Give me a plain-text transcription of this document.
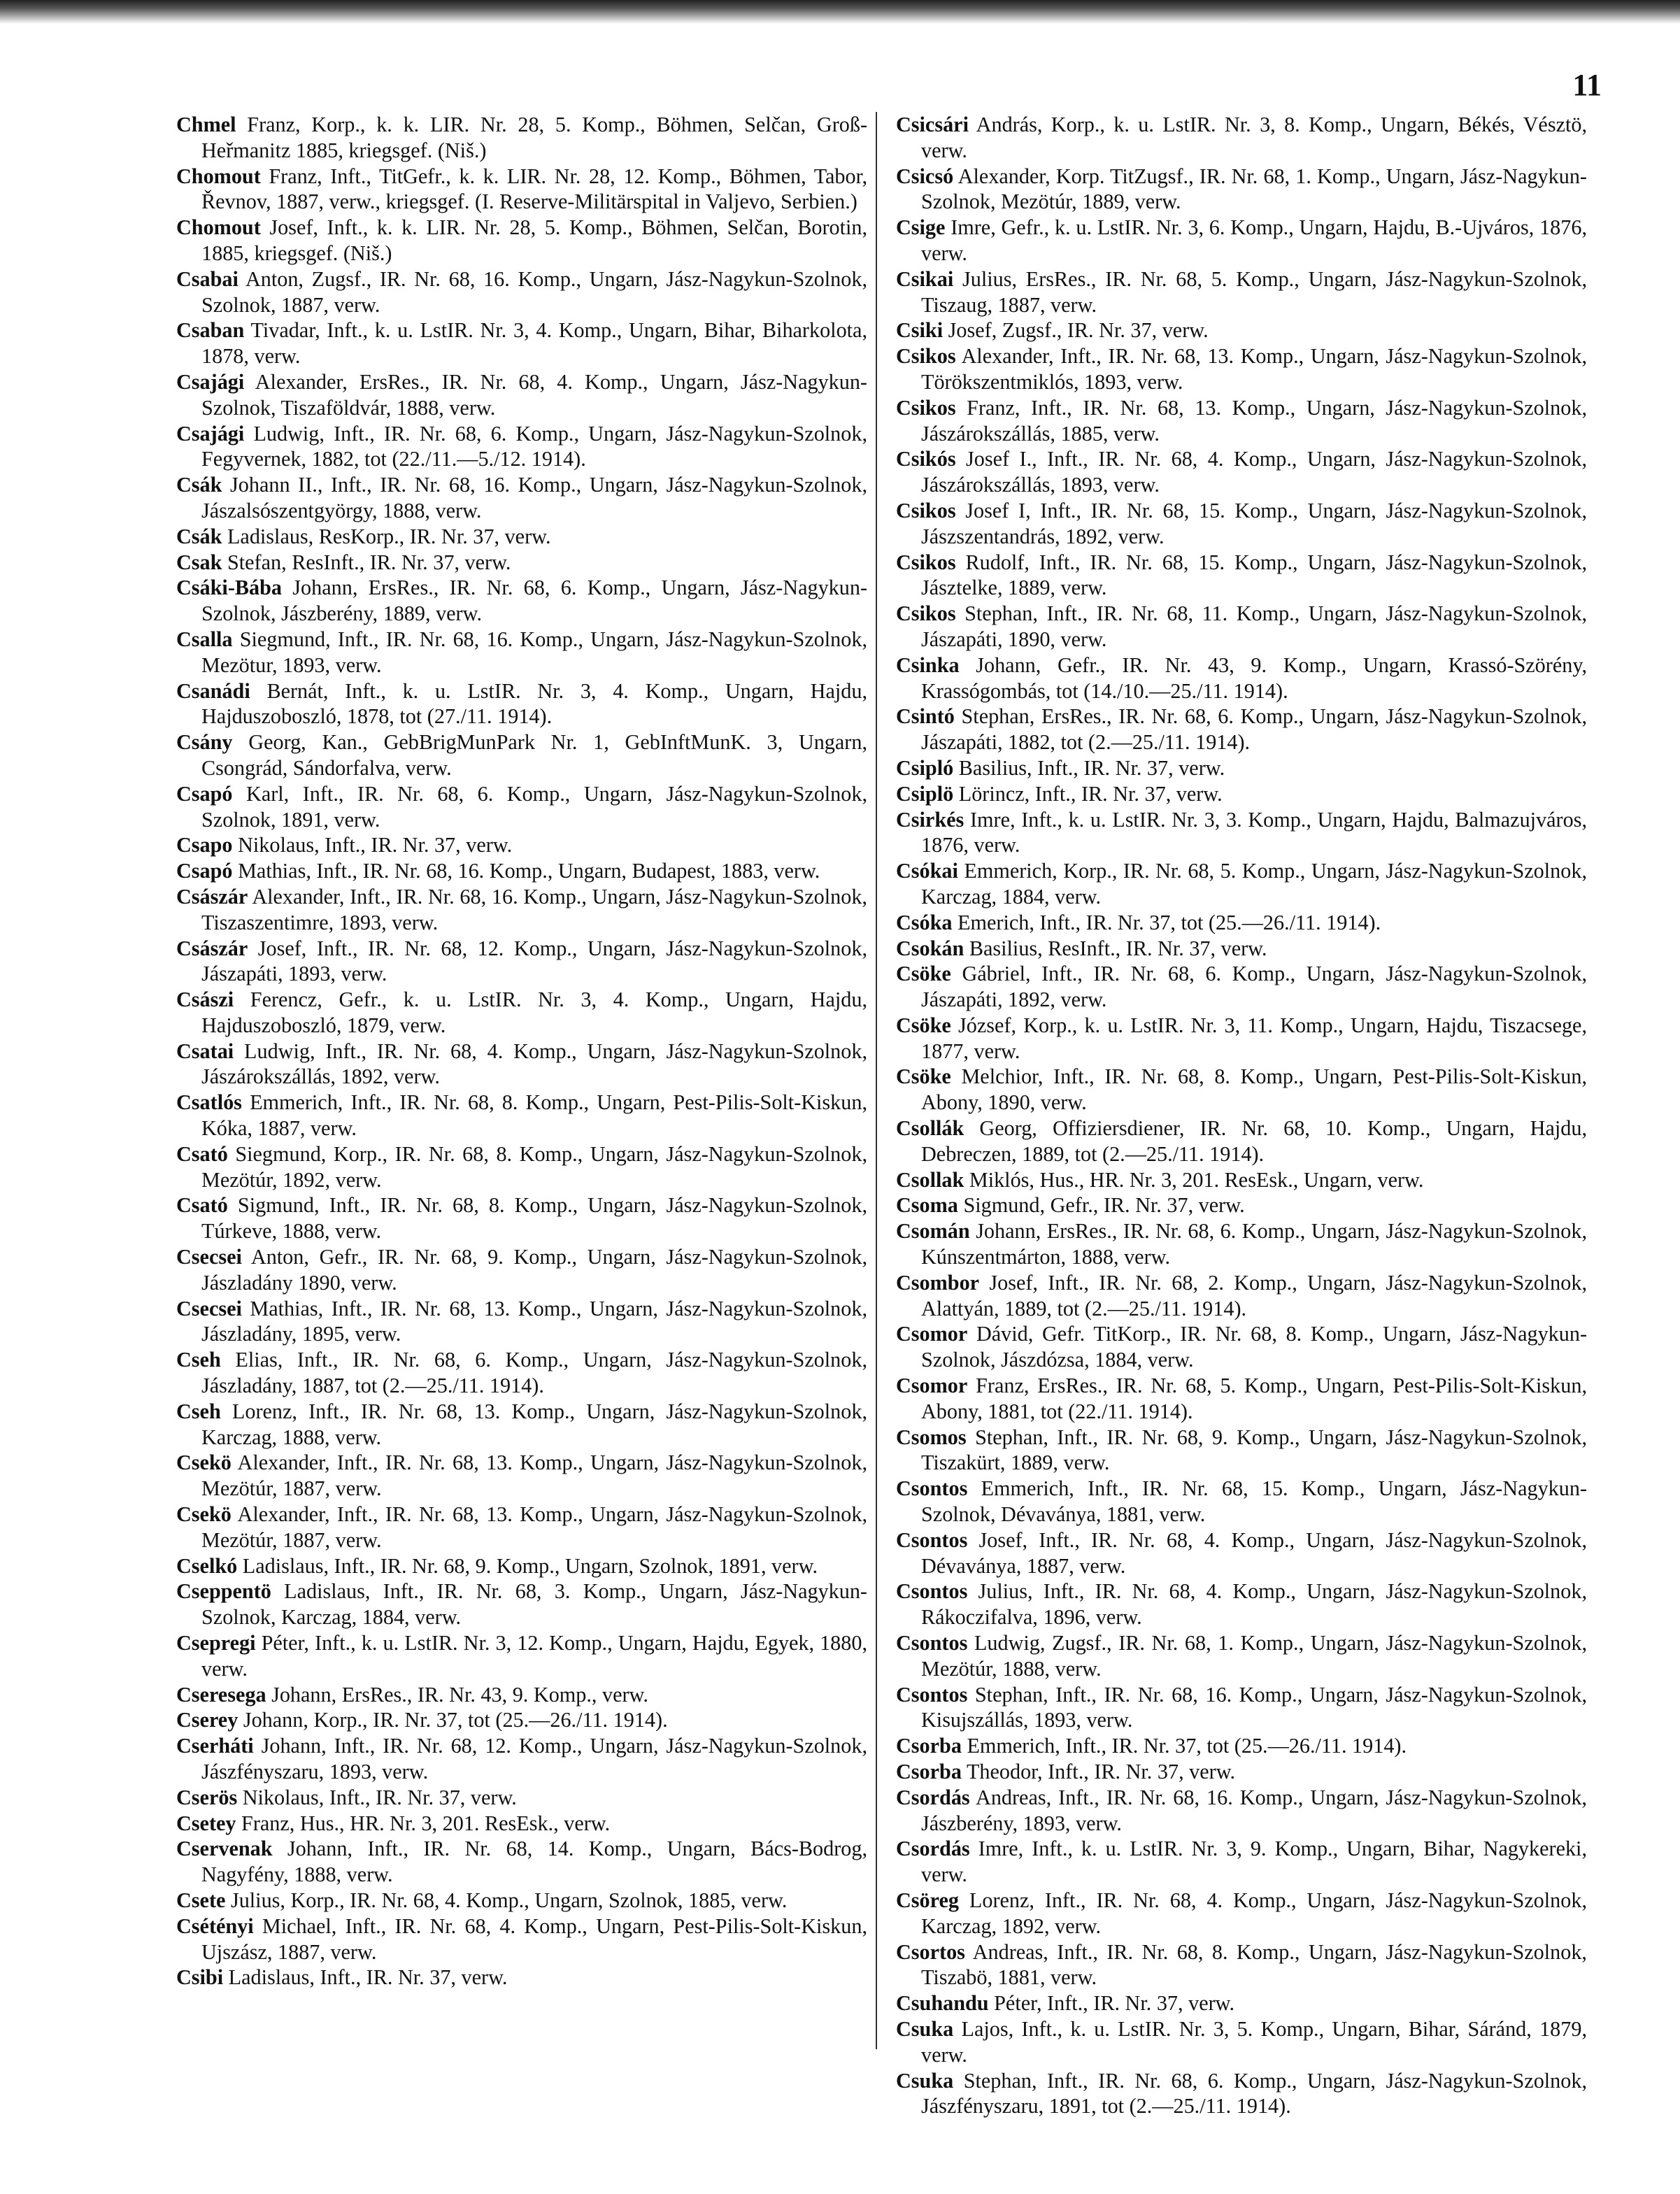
11

Chmel Franz, Korp., k. k. LIR. Nr. 28, 5. Komp., Böhmen, Selčan, Groß-Heřmanitz 1885, kriegsgef. (Niš.)

Chomout Franz, Inft., TitGefr., k. k. LIR. Nr. 28, 12. Komp., Böhmen, Tabor, Řevnov, 1887, verw., kriegsgef. (I. Reserve-Militärspital in Valjevo, Serbien.)

Chomout Josef, Inft., k. k. LIR. Nr. 28, 5. Komp., Böhmen, Selčan, Borotin, 1885, kriegsgef. (Niš.)

Csabai Anton, Zugsf., IR. Nr. 68, 16. Komp., Ungarn, Jász-Nagykun-Szolnok, Szolnok, 1887, verw.

Csaban Tivadar, Inft., k. u. LstIR. Nr. 3, 4. Komp., Ungarn, Bihar, Biharkolota, 1878, verw.

Csajági Alexander, ErsRes., IR. Nr. 68, 4. Komp., Ungarn, Jász-Nagykun-Szolnok, Tiszaföldvár, 1888, verw.

Csajági Ludwig, Inft., IR. Nr. 68, 6. Komp., Ungarn, Jász-Nagykun-Szolnok, Fegyvernek, 1882, tot (22./11.—5./12. 1914).

Csák Johann II., Inft., IR. Nr. 68, 16. Komp., Ungarn, Jász-Nagykun-Szolnok, Jászalsószentgyörgy, 1888, verw.

Csák Ladislaus, ResKorp., IR. Nr. 37, verw.

Csak Stefan, ResInft., IR. Nr. 37, verw.

Csáki-Bába Johann, ErsRes., IR. Nr. 68, 6. Komp., Ungarn, Jász-Nagykun-Szolnok, Jászberény, 1889, verw.

Csalla Siegmund, Inft., IR. Nr. 68, 16. Komp., Ungarn, Jász-Nagykun-Szolnok, Mezötur, 1893, verw.

Csanádi Bernát, Inft., k. u. LstIR. Nr. 3, 4. Komp., Ungarn, Hajdu, Hajduszoboszló, 1878, tot (27./11. 1914).

Csány Georg, Kan., GebBrigMunPark Nr. 1, GebInftMunK. 3, Ungarn, Csongrád, Sándorfalva, verw.

Csapó Karl, Inft., IR. Nr. 68, 6. Komp., Ungarn, Jász-Nagykun-Szolnok, Szolnok, 1891, verw.

Csapo Nikolaus, Inft., IR. Nr. 37, verw.

Csapó Mathias, Inft., IR. Nr. 68, 16. Komp., Ungarn, Budapest, 1883, verw.

Császár Alexander, Inft., IR. Nr. 68, 16. Komp., Ungarn, Jász-Nagykun-Szolnok, Tiszaszentimre, 1893, verw.

Császár Josef, Inft., IR. Nr. 68, 12. Komp., Ungarn, Jász-Nagykun-Szolnok, Jászapáti, 1893, verw.

Császi Ferencz, Gefr., k. u. LstIR. Nr. 3, 4. Komp., Ungarn, Hajdu, Hajduszoboszló, 1879, verw.

Csatai Ludwig, Inft., IR. Nr. 68, 4. Komp., Ungarn, Jász-Nagykun-Szolnok, Jászárokszállás, 1892, verw.

Csatlós Emmerich, Inft., IR. Nr. 68, 8. Komp., Ungarn, Pest-Pilis-Solt-Kiskun, Kóka, 1887, verw.

Csató Siegmund, Korp., IR. Nr. 68, 8. Komp., Ungarn, Jász-Nagykun-Szolnok, Mezötúr, 1892, verw.

Csató Sigmund, Inft., IR. Nr. 68, 8. Komp., Ungarn, Jász-Nagykun-Szolnok, Túrkeve, 1888, verw.

Csecsei Anton, Gefr., IR. Nr. 68, 9. Komp., Ungarn, Jász-Nagykun-Szolnok, Jászladány 1890, verw.

Csecsei Mathias, Inft., IR. Nr. 68, 13. Komp., Ungarn, Jász-Nagykun-Szolnok, Jászladány, 1895, verw.

Cseh Elias, Inft., IR. Nr. 68, 6. Komp., Ungarn, Jász-Nagykun-Szolnok, Jászladány, 1887, tot (2.—25./11. 1914).

Cseh Lorenz, Inft., IR. Nr. 68, 13. Komp., Ungarn, Jász-Nagykun-Szolnok, Karczag, 1888, verw.

Csekö Alexander, Inft., IR. Nr. 68, 13. Komp., Ungarn, Jász-Nagykun-Szolnok, Mezötúr, 1887, verw.

Csekö Alexander, Inft., IR. Nr. 68, 13. Komp., Ungarn, Jász-Nagykun-Szolnok, Mezötúr, 1887, verw.

Cselkó Ladislaus, Inft., IR. Nr. 68, 9. Komp., Ungarn, Szolnok, 1891, verw.

Cseppentö Ladislaus, Inft., IR. Nr. 68, 3. Komp., Ungarn, Jász-Nagykun-Szolnok, Karczag, 1884, verw.

Csepregi Péter, Inft., k. u. LstIR. Nr. 3, 12. Komp., Ungarn, Hajdu, Egyek, 1880, verw.

Cseresega Johann, ErsRes., IR. Nr. 43, 9. Komp., verw.

Cserey Johann, Korp., IR. Nr. 37, tot (25.—26./11. 1914).

Cserháti Johann, Inft., IR. Nr. 68, 12. Komp., Ungarn, Jász-Nagykun-Szolnok, Jászfényszaru, 1893, verw.

Cserös Nikolaus, Inft., IR. Nr. 37, verw.

Csetey Franz, Hus., HR. Nr. 3, 201. ResEsk., verw.

Cservenak Johann, Inft., IR. Nr. 68, 14. Komp., Ungarn, Bács-Bodrog, Nagyfény, 1888, verw.

Csete Julius, Korp., IR. Nr. 68, 4. Komp., Ungarn, Szolnok, 1885, verw.

Csétényi Michael, Inft., IR. Nr. 68, 4. Komp., Ungarn, Pest-Pilis-Solt-Kiskun, Ujszász, 1887, verw.

Csibi Ladislaus, Inft., IR. Nr. 37, verw.

Csicsári András, Korp., k. u. LstIR. Nr. 3, 8. Komp., Ungarn, Békés, Vésztö, verw.

Csicsó Alexander, Korp. TitZugsf., IR. Nr. 68, 1. Komp., Ungarn, Jász-Nagykun-Szolnok, Mezötúr, 1889, verw.

Csige Imre, Gefr., k. u. LstIR. Nr. 3, 6. Komp., Ungarn, Hajdu, B.-Ujváros, 1876, verw.

Csikai Julius, ErsRes., IR. Nr. 68, 5. Komp., Ungarn, Jász-Nagykun-Szolnok, Tiszaug, 1887, verw.

Csiki Josef, Zugsf., IR. Nr. 37, verw.

Csikos Alexander, Inft., IR. Nr. 68, 13. Komp., Ungarn, Jász-Nagykun-Szolnok, Törökszentmiklós, 1893, verw.

Csikos Franz, Inft., IR. Nr. 68, 13. Komp., Ungarn, Jász-Nagykun-Szolnok, Jászárokszállás, 1885, verw.

Csikós Josef I., Inft., IR. Nr. 68, 4. Komp., Ungarn, Jász-Nagykun-Szolnok, Jászárokszállás, 1893, verw.

Csikos Josef I, Inft., IR. Nr. 68, 15. Komp., Ungarn, Jász-Nagykun-Szolnok, Jászszentandrás, 1892, verw.

Csikos Rudolf, Inft., IR. Nr. 68, 15. Komp., Ungarn, Jász-Nagykun-Szolnok, Jásztelke, 1889, verw.

Csikos Stephan, Inft., IR. Nr. 68, 11. Komp., Ungarn, Jász-Nagykun-Szolnok, Jászapáti, 1890, verw.

Csinka Johann, Gefr., IR. Nr. 43, 9. Komp., Ungarn, Krassó-Szörény, Krassógombás, tot (14./10.—25./11. 1914).

Csintó Stephan, ErsRes., IR. Nr. 68, 6. Komp., Ungarn, Jász-Nagykun-Szolnok, Jászapáti, 1882, tot (2.—25./11. 1914).

Csipló Basilius, Inft., IR. Nr. 37, verw.

Csiplö Lörincz, Inft., IR. Nr. 37, verw.

Csirkés Imre, Inft., k. u. LstIR. Nr. 3, 3. Komp., Ungarn, Hajdu, Balmazujváros, 1876, verw.

Csókai Emmerich, Korp., IR. Nr. 68, 5. Komp., Ungarn, Jász-Nagykun-Szolnok, Karczag, 1884, verw.

Csóka Emerich, Inft., IR. Nr. 37, tot (25.—26./11. 1914).

Csokán Basilius, ResInft., IR. Nr. 37, verw.

Csöke Gábriel, Inft., IR. Nr. 68, 6. Komp., Ungarn, Jász-Nagykun-Szolnok, Jászapáti, 1892, verw.

Csöke József, Korp., k. u. LstIR. Nr. 3, 11. Komp., Ungarn, Hajdu, Tiszacsege, 1877, verw.

Csöke Melchior, Inft., IR. Nr. 68, 8. Komp., Ungarn, Pest-Pilis-Solt-Kiskun, Abony, 1890, verw.

Csollák Georg, Offiziersdiener, IR. Nr. 68, 10. Komp., Ungarn, Hajdu, Debreczen, 1889, tot (2.—25./11. 1914).

Csollak Miklós, Hus., HR. Nr. 3, 201. ResEsk., Ungarn, verw.

Csoma Sigmund, Gefr., IR. Nr. 37, verw.

Csomán Johann, ErsRes., IR. Nr. 68, 6. Komp., Ungarn, Jász-Nagykun-Szolnok, Kúnszentmárton, 1888, verw.

Csombor Josef, Inft., IR. Nr. 68, 2. Komp., Ungarn, Jász-Nagykun-Szolnok, Alattyán, 1889, tot (2.—25./11. 1914).

Csomor Dávid, Gefr. TitKorp., IR. Nr. 68, 8. Komp., Ungarn, Jász-Nagykun-Szolnok, Jászdózsa, 1884, verw.

Csomor Franz, ErsRes., IR. Nr. 68, 5. Komp., Ungarn, Pest-Pilis-Solt-Kiskun, Abony, 1881, tot (22./11. 1914).

Csomos Stephan, Inft., IR. Nr. 68, 9. Komp., Ungarn, Jász-Nagykun-Szolnok, Tiszakürt, 1889, verw.

Csontos Emmerich, Inft., IR. Nr. 68, 15. Komp., Ungarn, Jász-Nagykun-Szolnok, Dévaványa, 1881, verw.

Csontos Josef, Inft., IR. Nr. 68, 4. Komp., Ungarn, Jász-Nagykun-Szolnok, Dévaványa, 1887, verw.

Csontos Julius, Inft., IR. Nr. 68, 4. Komp., Ungarn, Jász-Nagykun-Szolnok, Rákoczifalva, 1896, verw.

Csontos Ludwig, Zugsf., IR. Nr. 68, 1. Komp., Ungarn, Jász-Nagykun-Szolnok, Mezötúr, 1888, verw.

Csontos Stephan, Inft., IR. Nr. 68, 16. Komp., Ungarn, Jász-Nagykun-Szolnok, Kisujszállás, 1893, verw.

Csorba Emmerich, Inft., IR. Nr. 37, tot (25.—26./11. 1914).

Csorba Theodor, Inft., IR. Nr. 37, verw.

Csordás Andreas, Inft., IR. Nr. 68, 16. Komp., Ungarn, Jász-Nagykun-Szolnok, Jászberény, 1893, verw.

Csordás Imre, Inft., k. u. LstIR. Nr. 3, 9. Komp., Ungarn, Bihar, Nagykereki, verw.

Csöreg Lorenz, Inft., IR. Nr. 68, 4. Komp., Ungarn, Jász-Nagykun-Szolnok, Karczag, 1892, verw.

Csortos Andreas, Inft., IR. Nr. 68, 8. Komp., Ungarn, Jász-Nagykun-Szolnok, Tiszabö, 1881, verw.

Csuhandu Péter, Inft., IR. Nr. 37, verw.

Csuka Lajos, Inft., k. u. LstIR. Nr. 3, 5. Komp., Ungarn, Bihar, Sáránd, 1879, verw.

Csuka Stephan, Inft., IR. Nr. 68, 6. Komp., Ungarn, Jász-Nagykun-Szolnok, Jászfényszaru, 1891, tot (2.—25./11. 1914).
